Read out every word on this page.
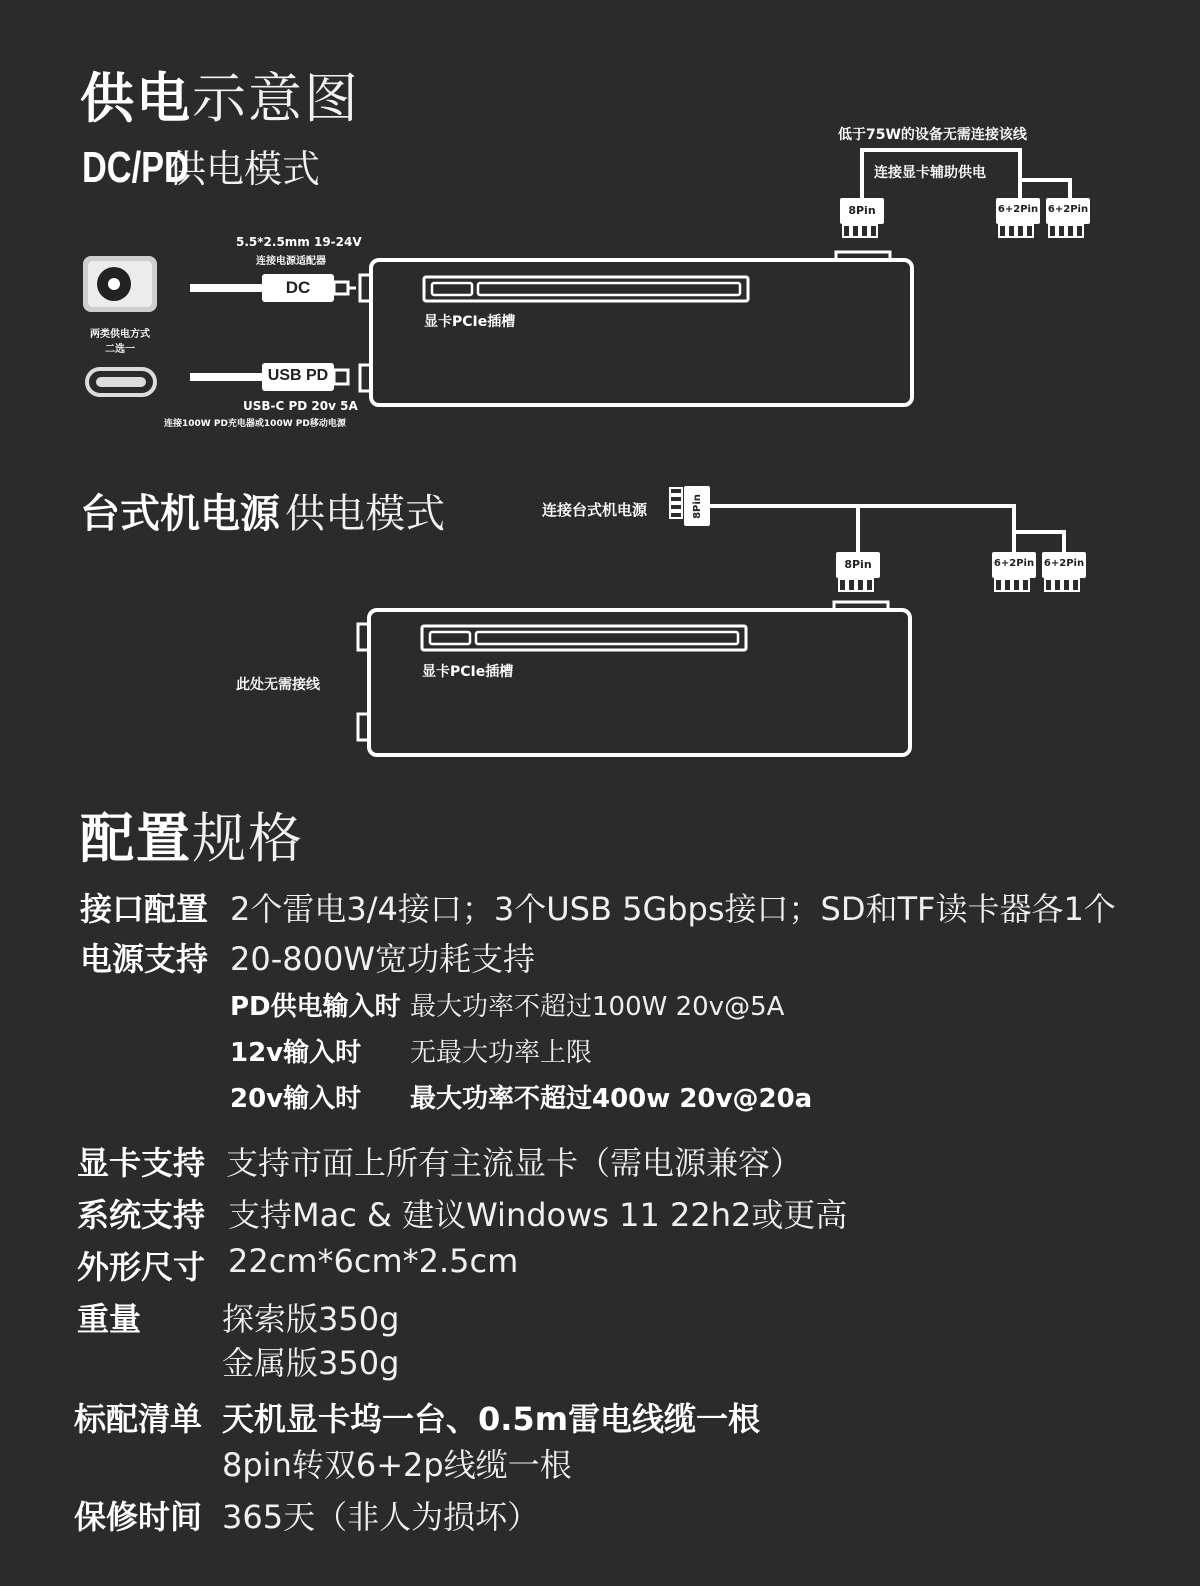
供电示意图
DC/PD供电模式
5.5*2.5mm 19-24V
连接电源适配器
DC
两类供电方式
二选一
USB PD
USB-C PD 20v 5A
连接100W PD充电器或100W PD移动电源
显卡PCIe插槽
低于75W的设备无需连接该线
连接显卡辅助供电
8Pin	6+2Pin 6+2Pin
台式机电源 供电模式	连接台式机电源	8Pin
8Pin	6+2Pin 6+2Pin
显卡PCIe插槽
此处无需接线
配置规格
接口配置 2个雷电3/4接口；3个USB 5Gbps接口；SD和TF读卡器各1个
电源支持 20-800W宽功耗支持
PD供电输入时 最大功率不超过100W 20v@5A
12v输入时 无最大功率上限
20v输入时 最大功率不超过400w 20v@20a
显卡支持 支持市面上所有主流显卡（需电源兼容）
系统支持 支持Mac & 建议Windows 11 22h2或更高
外形尺寸 22cm*6cm*2.5cm
重量	探索版350g
金属版350g
标配清单 天机显卡坞一台、0.5m雷电线缆一根
8pin转双6+2p线缆一根
保修时间 365天（非人为损坏）
